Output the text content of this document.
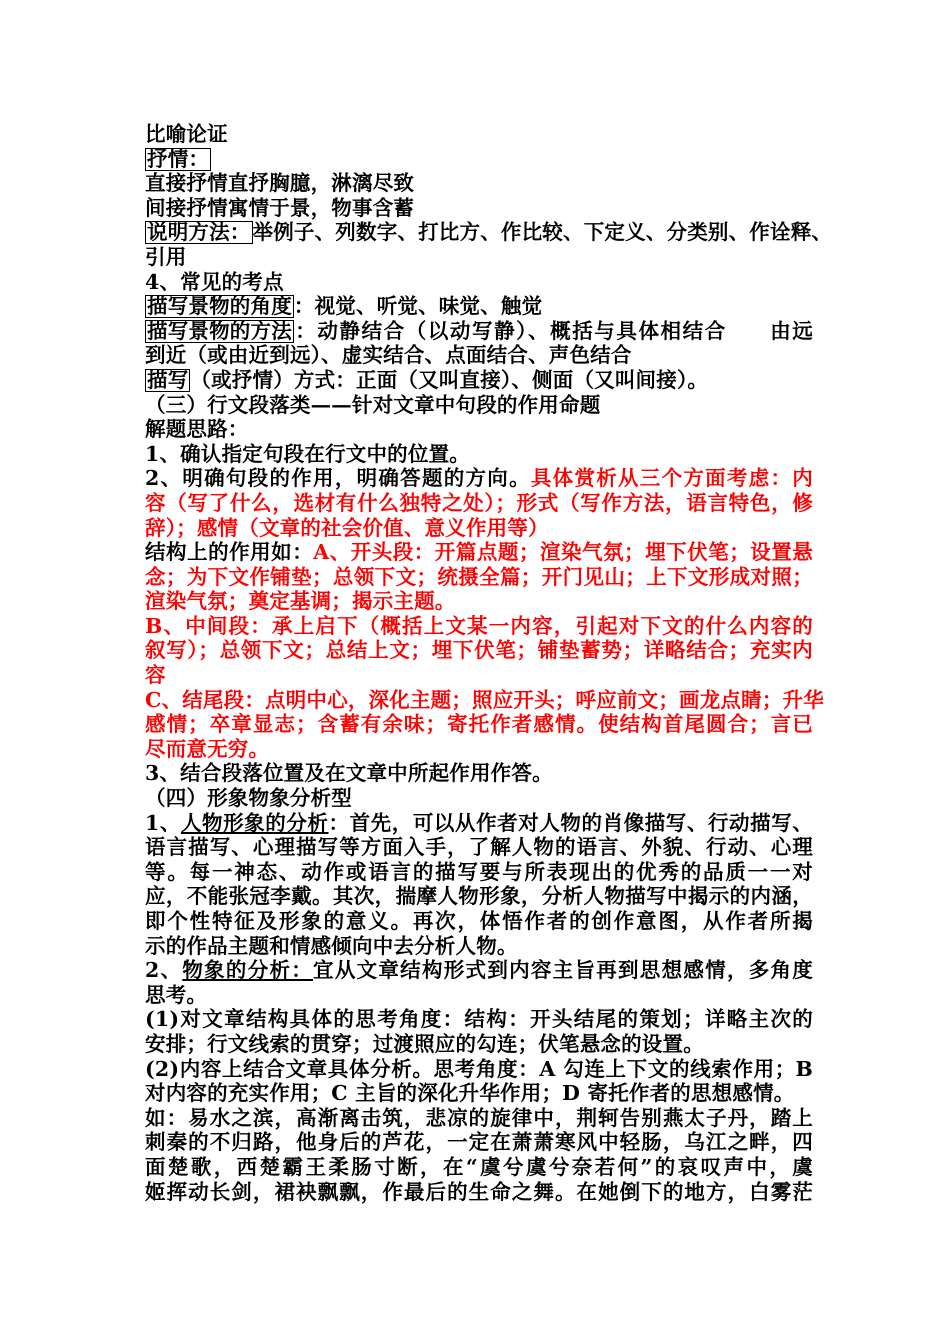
比喻论证
抒情：
直接抒情直抒胸臆，淋漓尽致
间接抒情寓情于景，物事含蓄
说明方法：举例子、列数字、打比方、作比较、下定义、分类别、作诠释、
引用
4、常见的考点
描写景物的角度：视觉、听觉、味觉、触觉
描写景物的方法：动静结合（以动写静）、概括与具体相结合 由远
到近（或由近到远）、虚实结合、点面结合、声色结合
描写（或抒情）方式：正面（又叫直接）、侧面（又叫间接）。
（三）行文段落类——针对文章中句段的作用命题
解题思路：
1、确认指定句段在行文中的位置。
2、明确句段的作用，明确答题的方向。具体赏析从三个方面考虑：内
容（写了什么，选材有什么独特之处）；形式（写作方法，语言特色，修
辞）；感情（文章的社会价值、意义作用等）
结构上的作用如：A、开头段：开篇点题；渲染气氛；埋下伏笔；设置悬
念；为下文作铺垫；总领下文；统摄全篇；开门见山；上下文形成对照；
渲染气氛；奠定基调；揭示主题。
B、中间段：承上启下（概括上文某一内容，引起对下文的什么内容的
叙写）；总领下文；总结上文；埋下伏笔；铺垫蓄势；详略结合；充实内
容
C、结尾段：点明中心，深化主题；照应开头；呼应前文；画龙点睛；升华
感情；卒章显志；含蓄有余味；寄托作者感情。使结构首尾圆合；言已
尽而意无穷。
3、结合段落位置及在文章中所起作用作答。
（四）形象物象分析型
1、人物形象的分析：首先，可以从作者对人物的肖像描写、行动描写、
语言描写、心理描写等方面入手，了解人物的语言、外貌、行动、心理
等。每一神态、动作或语言的描写要与所表现出的优秀的品质一一对
应，不能张冠李戴。其次，揣摩人物形象，分析人物描写中揭示的内涵，
即个性特征及形象的意义。再次，体悟作者的创作意图，从作者所揭
示的作品主题和情感倾向中去分析人物。
2、物象的分析：宜从文章结构形式到内容主旨再到思想感情，多角度
思考。
(1)对文章结构具体的思考角度：结构：开头结尾的策划；详略主次的
安排；行文线索的贯穿；过渡照应的勾连；伏笔悬念的设置。
(2)内容上结合文章具体分析。思考角度：A 勾连上下文的线索作用；B
对内容的充实作用；C 主旨的深化升华作用；D 寄托作者的思想感情。
如：易水之滨，高渐离击筑，悲凉的旋律中，荆轲告别燕太子丹，踏上
刺秦的不归路，他身后的芦花，一定在萧萧寒风中轻肠，乌江之畔，四
面楚歌，西楚霸王柔肠寸断，在“虞兮虞兮奈若何”的哀叹声中，虞
姬挥动长剑，裙袂飘飘，作最后的生命之舞。在她倒下的地方，白雾茫
